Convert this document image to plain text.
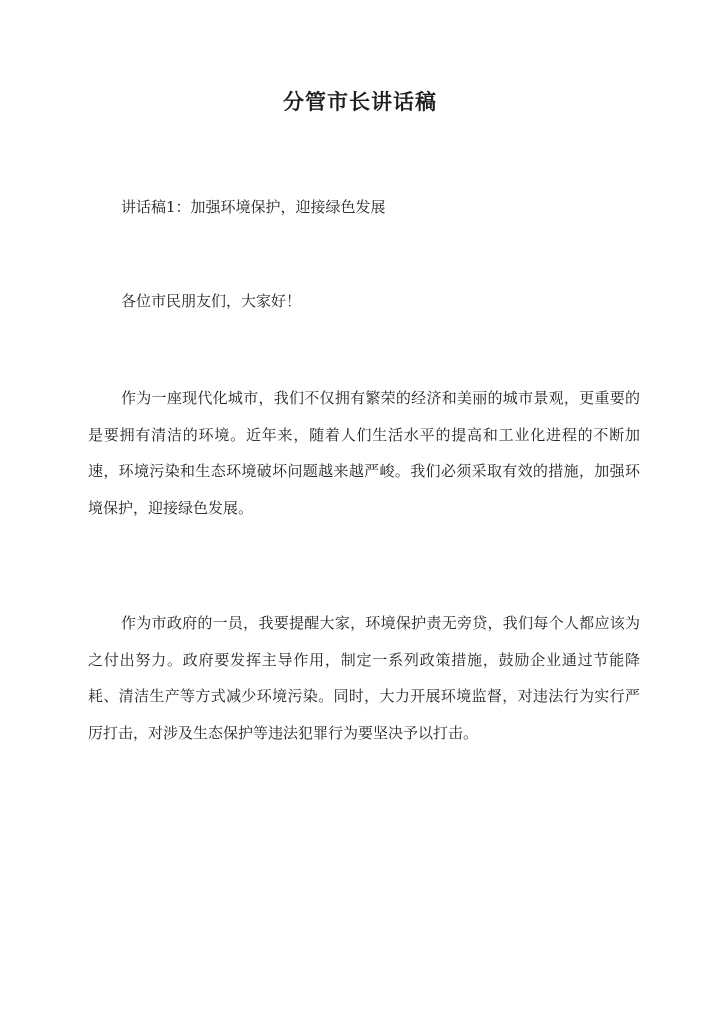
分管市长讲话稿
讲话稿1：加强环境保护，迎接绿色发展
各位市民朋友们，大家好！

作为一座现代化城市，我们不仅拥有繁荣的经济和美丽的城市景观，更重要的是要拥有清洁的环境。近年来，随着人们生活水平的提高和工业化进程的不断加速，环境污染和生态环境破坏问题越来越严峻。我们必须采取有效的措施，加强环境保护，迎接绿色发展。

作为市政府的一员，我要提醒大家，环境保护责无旁贷，我们每个人都应该为之付出努力。政府要发挥主导作用，制定一系列政策措施，鼓励企业通过节能降耗、清洁生产等方式减少环境污染。同时，大力开展环境监督，对违法行为实行严厉打击，对涉及生态保护等违法犯罪行为要坚决予以打击。
